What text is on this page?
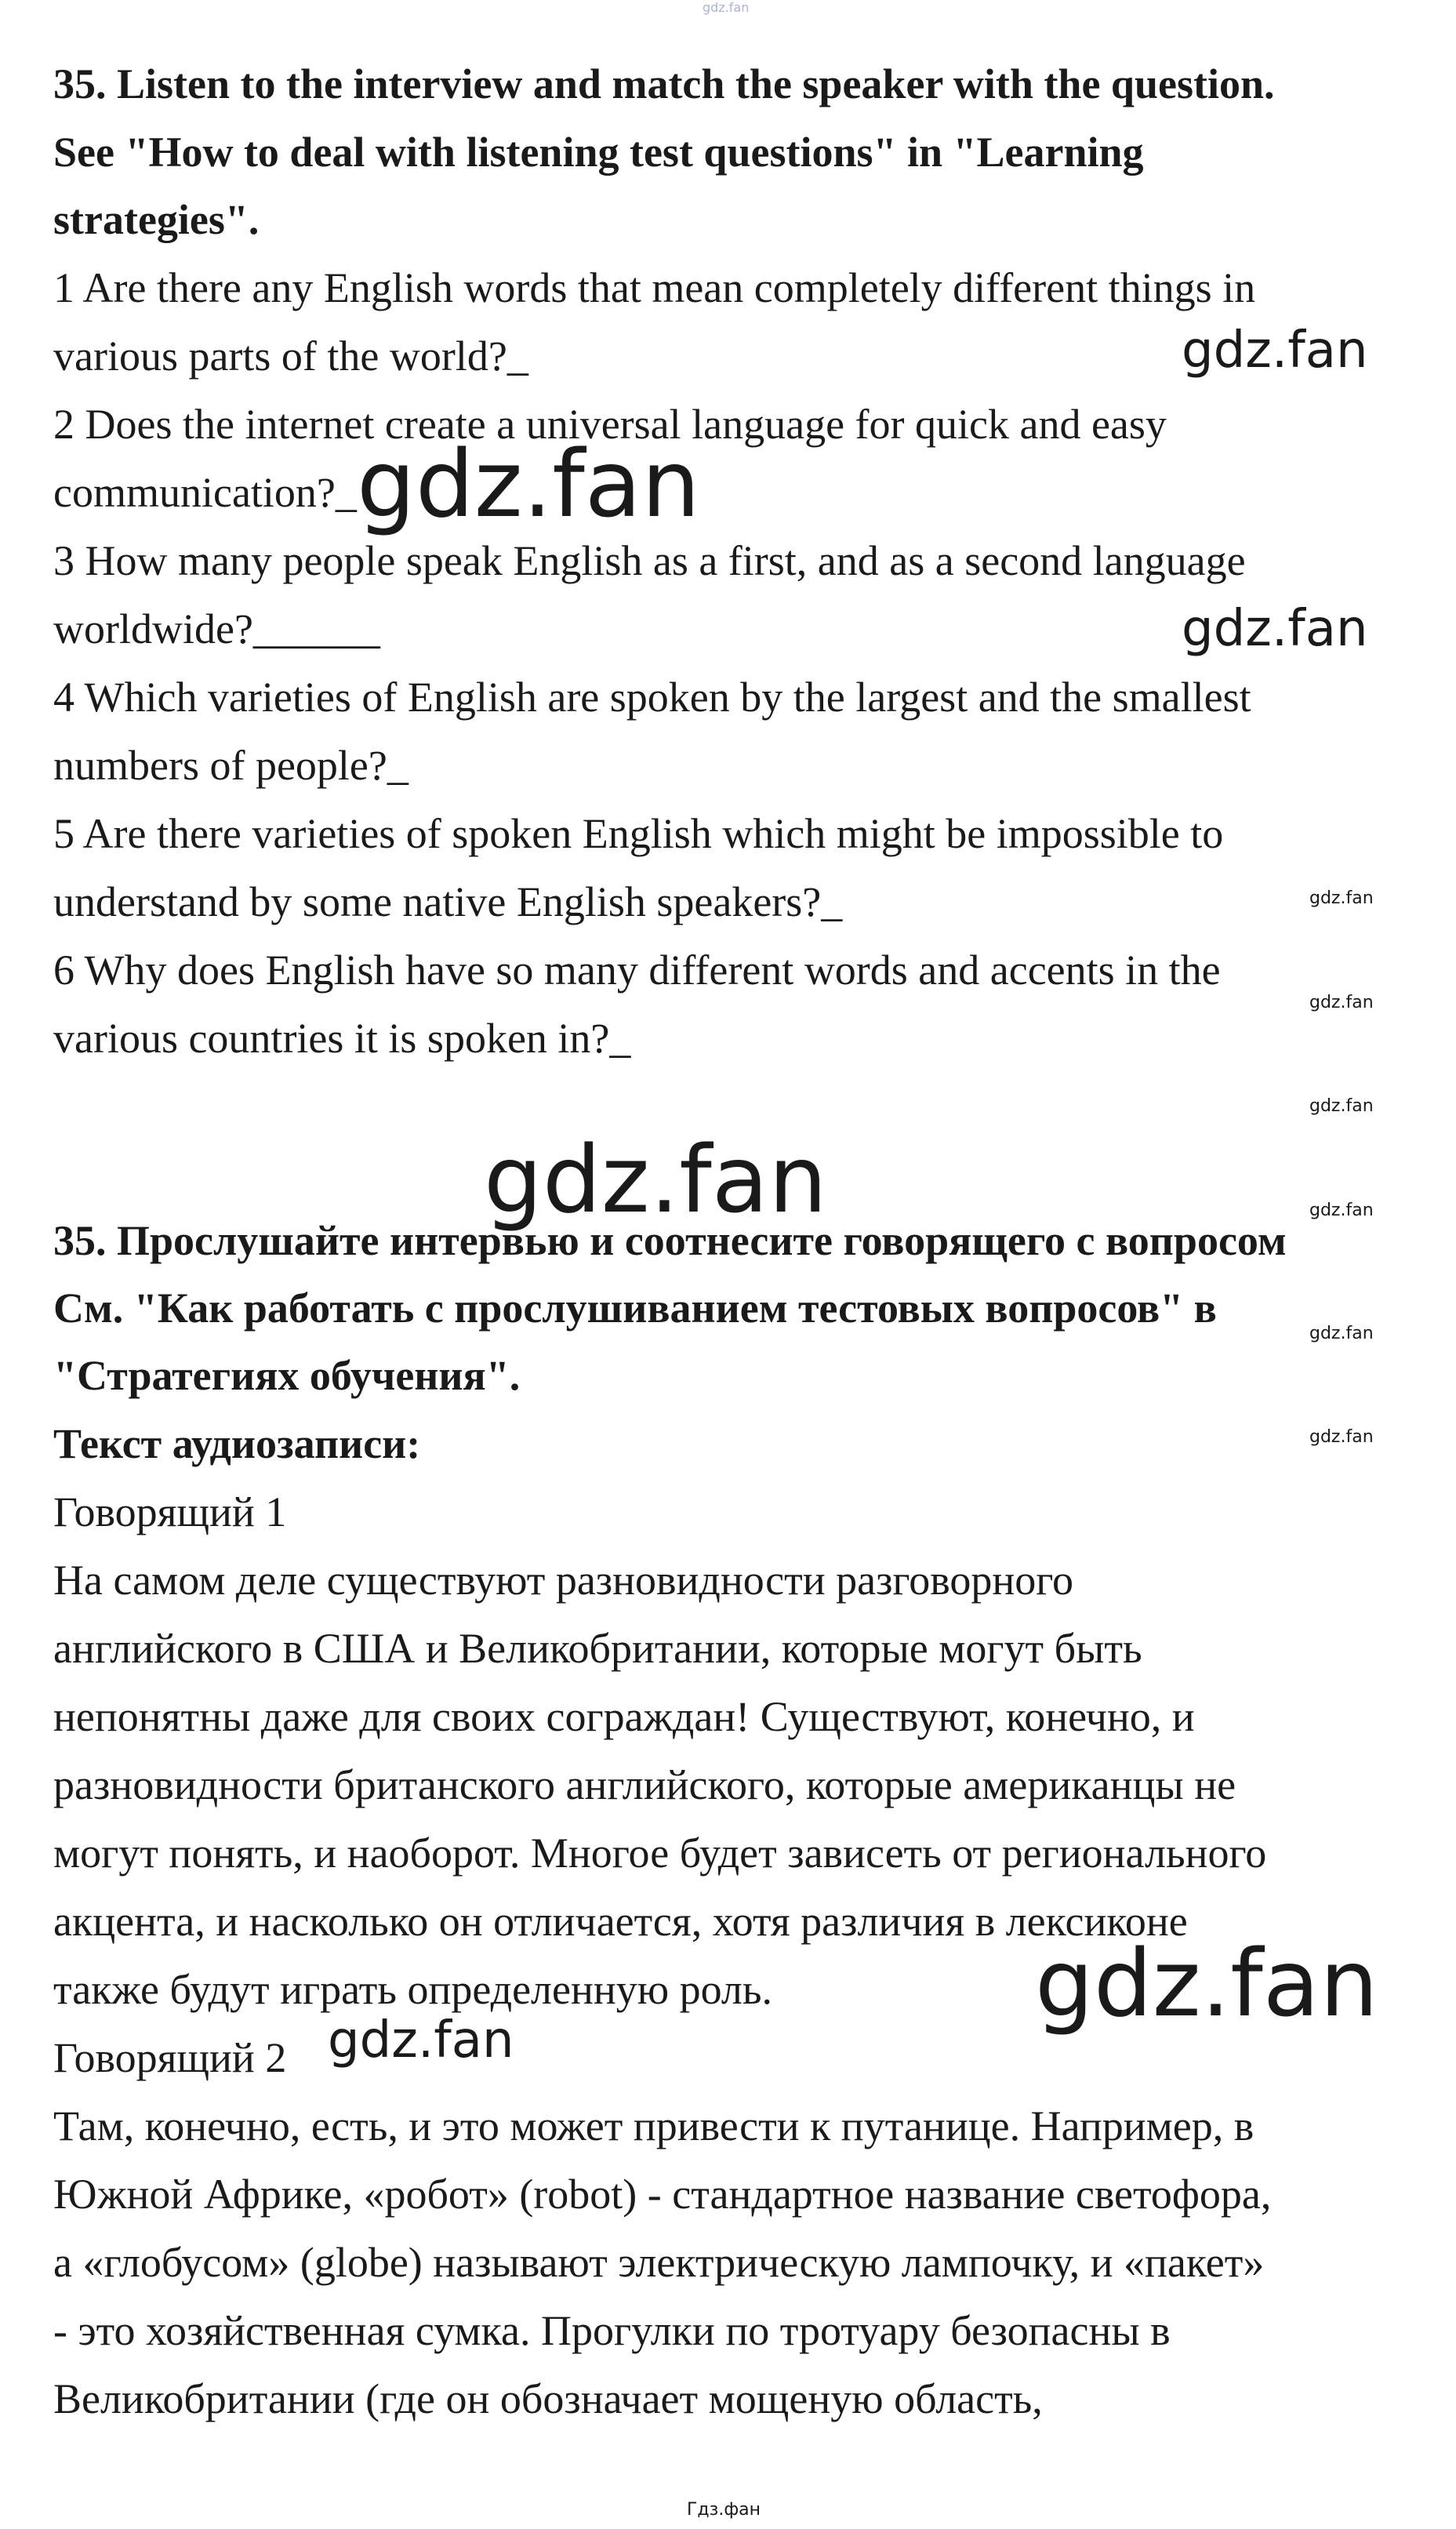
gdz.fan
35. Listen to the interview and match the speaker with the question.
See "How to deal with listening test questions" in "Learning
strategies".
1 Are there any English words that mean completely different things in
various parts of the world?_
2 Does the internet create a universal language for quick and easy
communication?_
3 How many people speak English as a first, and as a second language
worldwide?______
4 Which varieties of English are spoken by the largest and the smallest
numbers of people?_
5 Are there varieties of spoken English which might be impossible to
understand by some native English speakers?_
6 Why does English have so many different words and accents in the
various countries it is spoken in?_
35. Прослушайте интервью и соотнесите говорящего с вопросом
См. "Как работать с прослушиванием тестовых вопросов" в
"Стратегиях обучения".
Текст аудиозаписи:
Говорящий 1
На самом деле существуют разновидности разговорного
английского в США и Великобритании, которые могут быть
непонятны даже для своих сограждан! Существуют, конечно, и
разновидности британского английского, которые американцы не
могут понять, и наоборот. Многое будет зависеть от регионального
акцента, и насколько он отличается, хотя различия в лексиконе
также будут играть определенную роль.
Говорящий 2
Там, конечно, есть, и это может привести к путанице. Например, в
Южной Африке, «робот» (robot) - стандартное название светофора,
а «глобусом» (globe) называют электрическую лампочку, и «пакет»
- это хозяйственная сумка. Прогулки по тротуару безопасны в
Великобритании (где он обозначает мощеную область,
gdz.fan
gdz.fan
gdz.fan
gdz.fan
gdz.fan
gdz.fan
gdz.fan	gdz.fan
gdz.fan
gdz.fan
gdz.fan
gdz.fan
Гдз.фан
